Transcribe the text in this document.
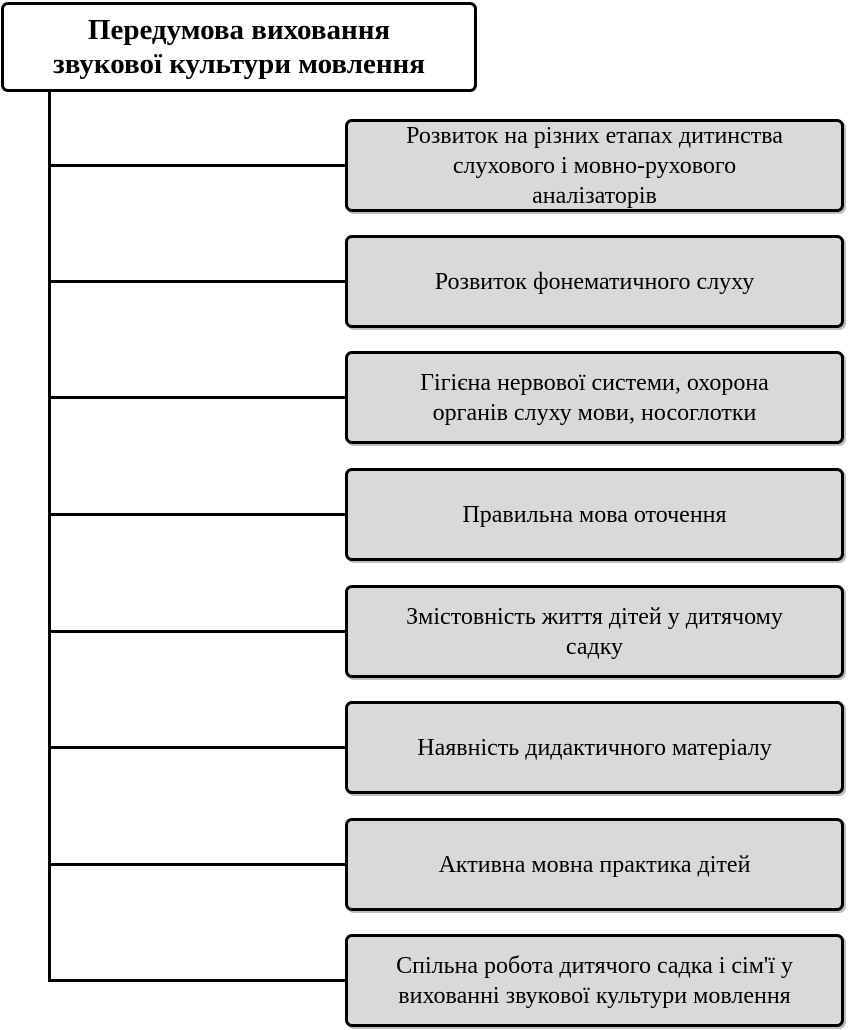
Передумова виховання
звукової культури мовлення
Розвиток на різних етапах дитинства
слухового і мовно-рухового
аналізаторів
Розвиток фонематичного слуху
Гігієна нервової системи, охорона
органів слуху мови, носоглотки
Правильна мова оточення
Змістовність життя дітей у дитячому
садку
Наявність дидактичного матеріалу
Активна мовна практика дітей
Спільна робота дитячого садка і сім'ї у
вихованні звукової культури мовлення
